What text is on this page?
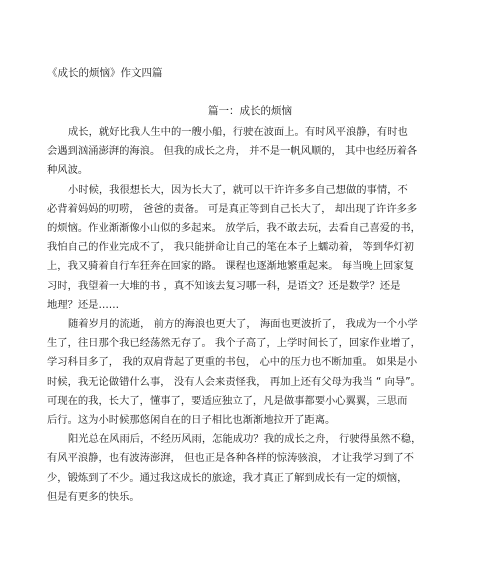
《成长的烦恼》作文四篇
篇一：成长的烦恼
成长，就好比我人生中的一艘小船，行驶在波面上。有时风平浪静，有时也
会遇到汹涌澎湃的海浪。 但我的成长之舟， 并不是一帆风顺的， 其中也经历着各
种风波。
小时候，我很想长大，因为长大了，就可以干许许多多自己想做的事情，不
必背着妈妈的叨唠， 爸爸的责备。 可是真正等到自己长大了， 却出现了许许多多
的烦恼。作业渐渐像小山似的多起来。 放学后，我不敢去玩，去看自己喜爱的书，
我怕自己的作业完成不了， 我只能拼命让自己的笔在本子上蠕动着， 等到华灯初
上，我又骑着自行车狂奔在回家的路。 课程也逐渐地繁重起来。 每当晚上回家复
习时，我望着一大堆的书 ，真不知该去复习哪一科，是语文？还是数学？还是
地理？还是……
随着岁月的流逝， 前方的海浪也更大了， 海面也更波折了， 我成为一个小学
生了，往日那个我已经荡然无存了。 我个子高了，上学时间长了，回家作业增了，
学习科目多了， 我的双肩背起了更重的书包， 心中的压力也不断加重。 如果是小
时候，我无论做错什么事， 没有人会来责怪我， 再加上还有父母为我当 “ 向导”。
可现在的我，长大了，懂事了，要适应独立了，凡是做事都要小心翼翼，三思而
后行。这为小时候那悠闲自在的日子相比也渐渐地拉开了距离。
阳光总在风雨后，不经历风雨，怎能成功？我的成长之舟， 行驶得虽然不稳，
有风平浪静，也有波涛澎湃， 但也正是各种各样的惊涛骇浪， 才让我学习到了不
少，锻炼到了不少。通过我这成长的旅途，我才真正了解到成长有一定的烦恼，
但是有更多的快乐。
